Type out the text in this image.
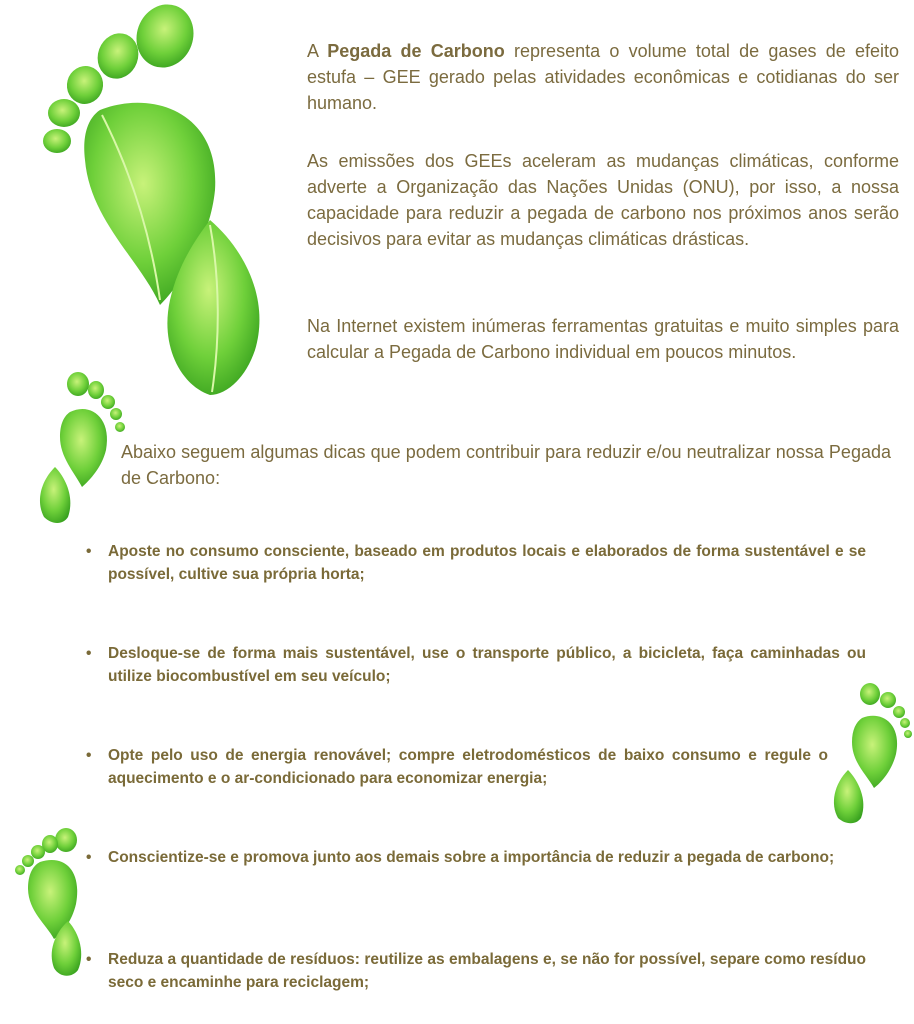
A Pegada de Carbono representa o volume total de gases de efeito estufa – GEE gerado pelas atividades econômicas e cotidianas do ser humano.

As emissões dos GEEs aceleram as mudanças climáticas, conforme adverte a Organização das Nações Unidas (ONU), por isso, a nossa capacidade para reduzir a pegada de carbono nos próximos anos serão decisivos para evitar as mudanças climáticas drásticas.

Na Internet existem inúmeras ferramentas gratuitas e muito simples para calcular a Pegada de Carbono individual em poucos minutos.

Abaixo seguem algumas dicas que podem contribuir para reduzir e/ou neutralizar nossa Pegada de Carbono:

• Aposte no consumo consciente, baseado em produtos locais e elaborados de forma sustentável e se possível, cultive sua própria horta;
• Desloque-se de forma mais sustentável, use o transporte público, a bicicleta, faça caminhadas ou utilize biocombustível em seu veículo;
• Opte pelo uso de energia renovável; compre eletrodomésticos de baixo consumo e regule o aquecimento e o ar-condicionado para economizar energia;
• Conscientize-se e promova junto aos demais sobre a importância de reduzir a pegada de carbono;
• Reduza a quantidade de resíduos: reutilize as embalagens e, se não for possível, separe como resíduo seco e encaminhe para reciclagem;
